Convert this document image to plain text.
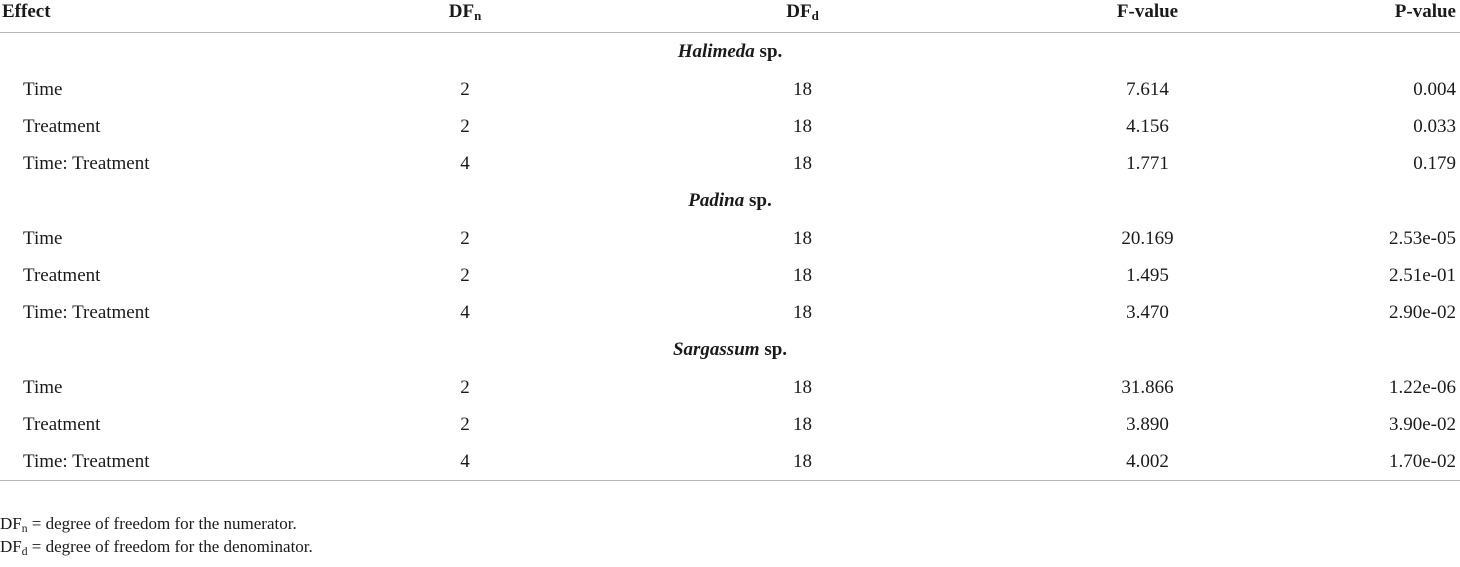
Effect	$DF_n$	$DF_d$	F-value	P-value
Halimeda sp.				
Time	2	18	7.614	0.004
Treatment	2	18	4.156	0.033
Time: Treatment	4	18	1.771	0.179
Padina sp.				
Time	2	18	20.169	2.53e-05
Treatment	2	18	1.495	2.51e-01
Time: Treatment	4	18	3.470	2.90e-02
Sargassum sp.				
Time	2	18	31.866	1.22e-06
Treatment	2	18	3.890	3.90e-02
Time: Treatment	4	18	4.002	1.70e-02
$DF_n$ = degree of freedom for the numerator.
$DF_d$ = degree of freedom for the denominator.
